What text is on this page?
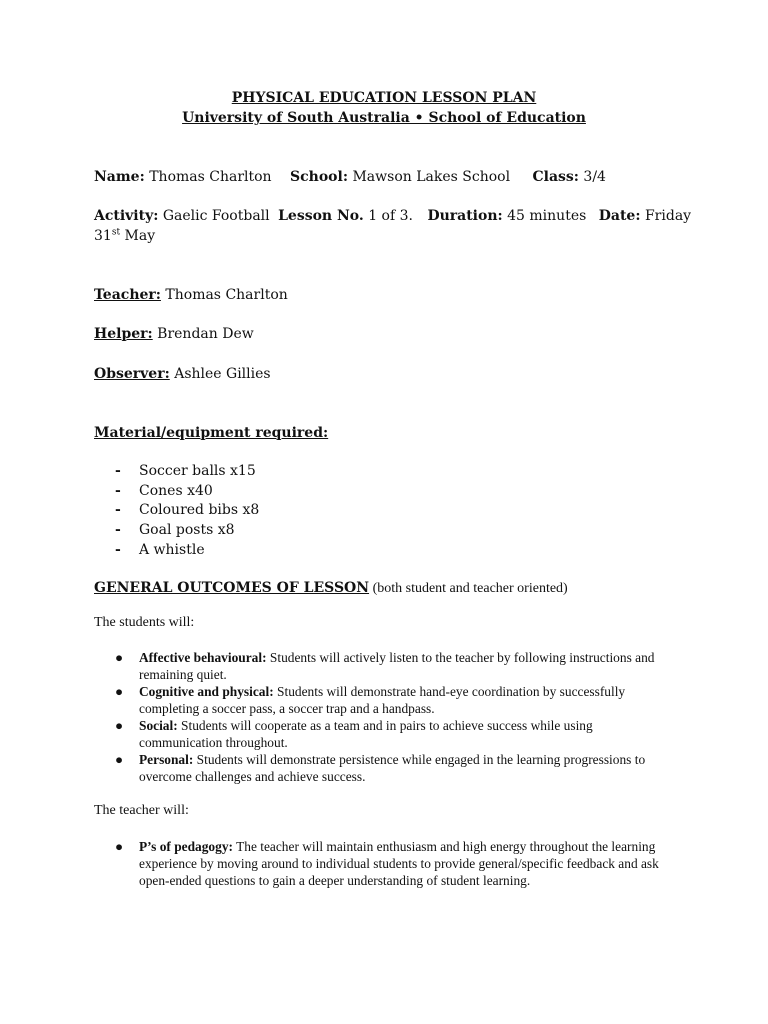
PHYSICAL EDUCATION LESSON PLAN
University of South Australia • School of Education
Name: Thomas Charlton School: Mawson Lakes School Class: 3/4
Activity: Gaelic Football Lesson No. 1 of 3. Duration: 45 minutes Date: Friday
31st May
Teacher: Thomas Charlton
Helper: Brendan Dew
Observer: Ashlee Gillies
Material/equipment required:
- Soccer balls x15
- Cones x40
- Coloured bibs x8
- Goal posts x8
- A whistle
GENERAL OUTCOMES OF LESSON (both student and teacher oriented)
The students will:
● Affective behavioural: Students will actively listen to the teacher by following instructions and remaining quiet.
● Cognitive and physical: Students will demonstrate hand-eye coordination by successfully completing a soccer pass, a soccer trap and a handpass.
● Social: Students will cooperate as a team and in pairs to achieve success while using communication throughout.
● Personal: Students will demonstrate persistence while engaged in the learning progressions to overcome challenges and achieve success.
The teacher will:
● P’s of pedagogy: The teacher will maintain enthusiasm and high energy throughout the learning experience by moving around to individual students to provide general/specific feedback and ask open-ended questions to gain a deeper understanding of student learning.
